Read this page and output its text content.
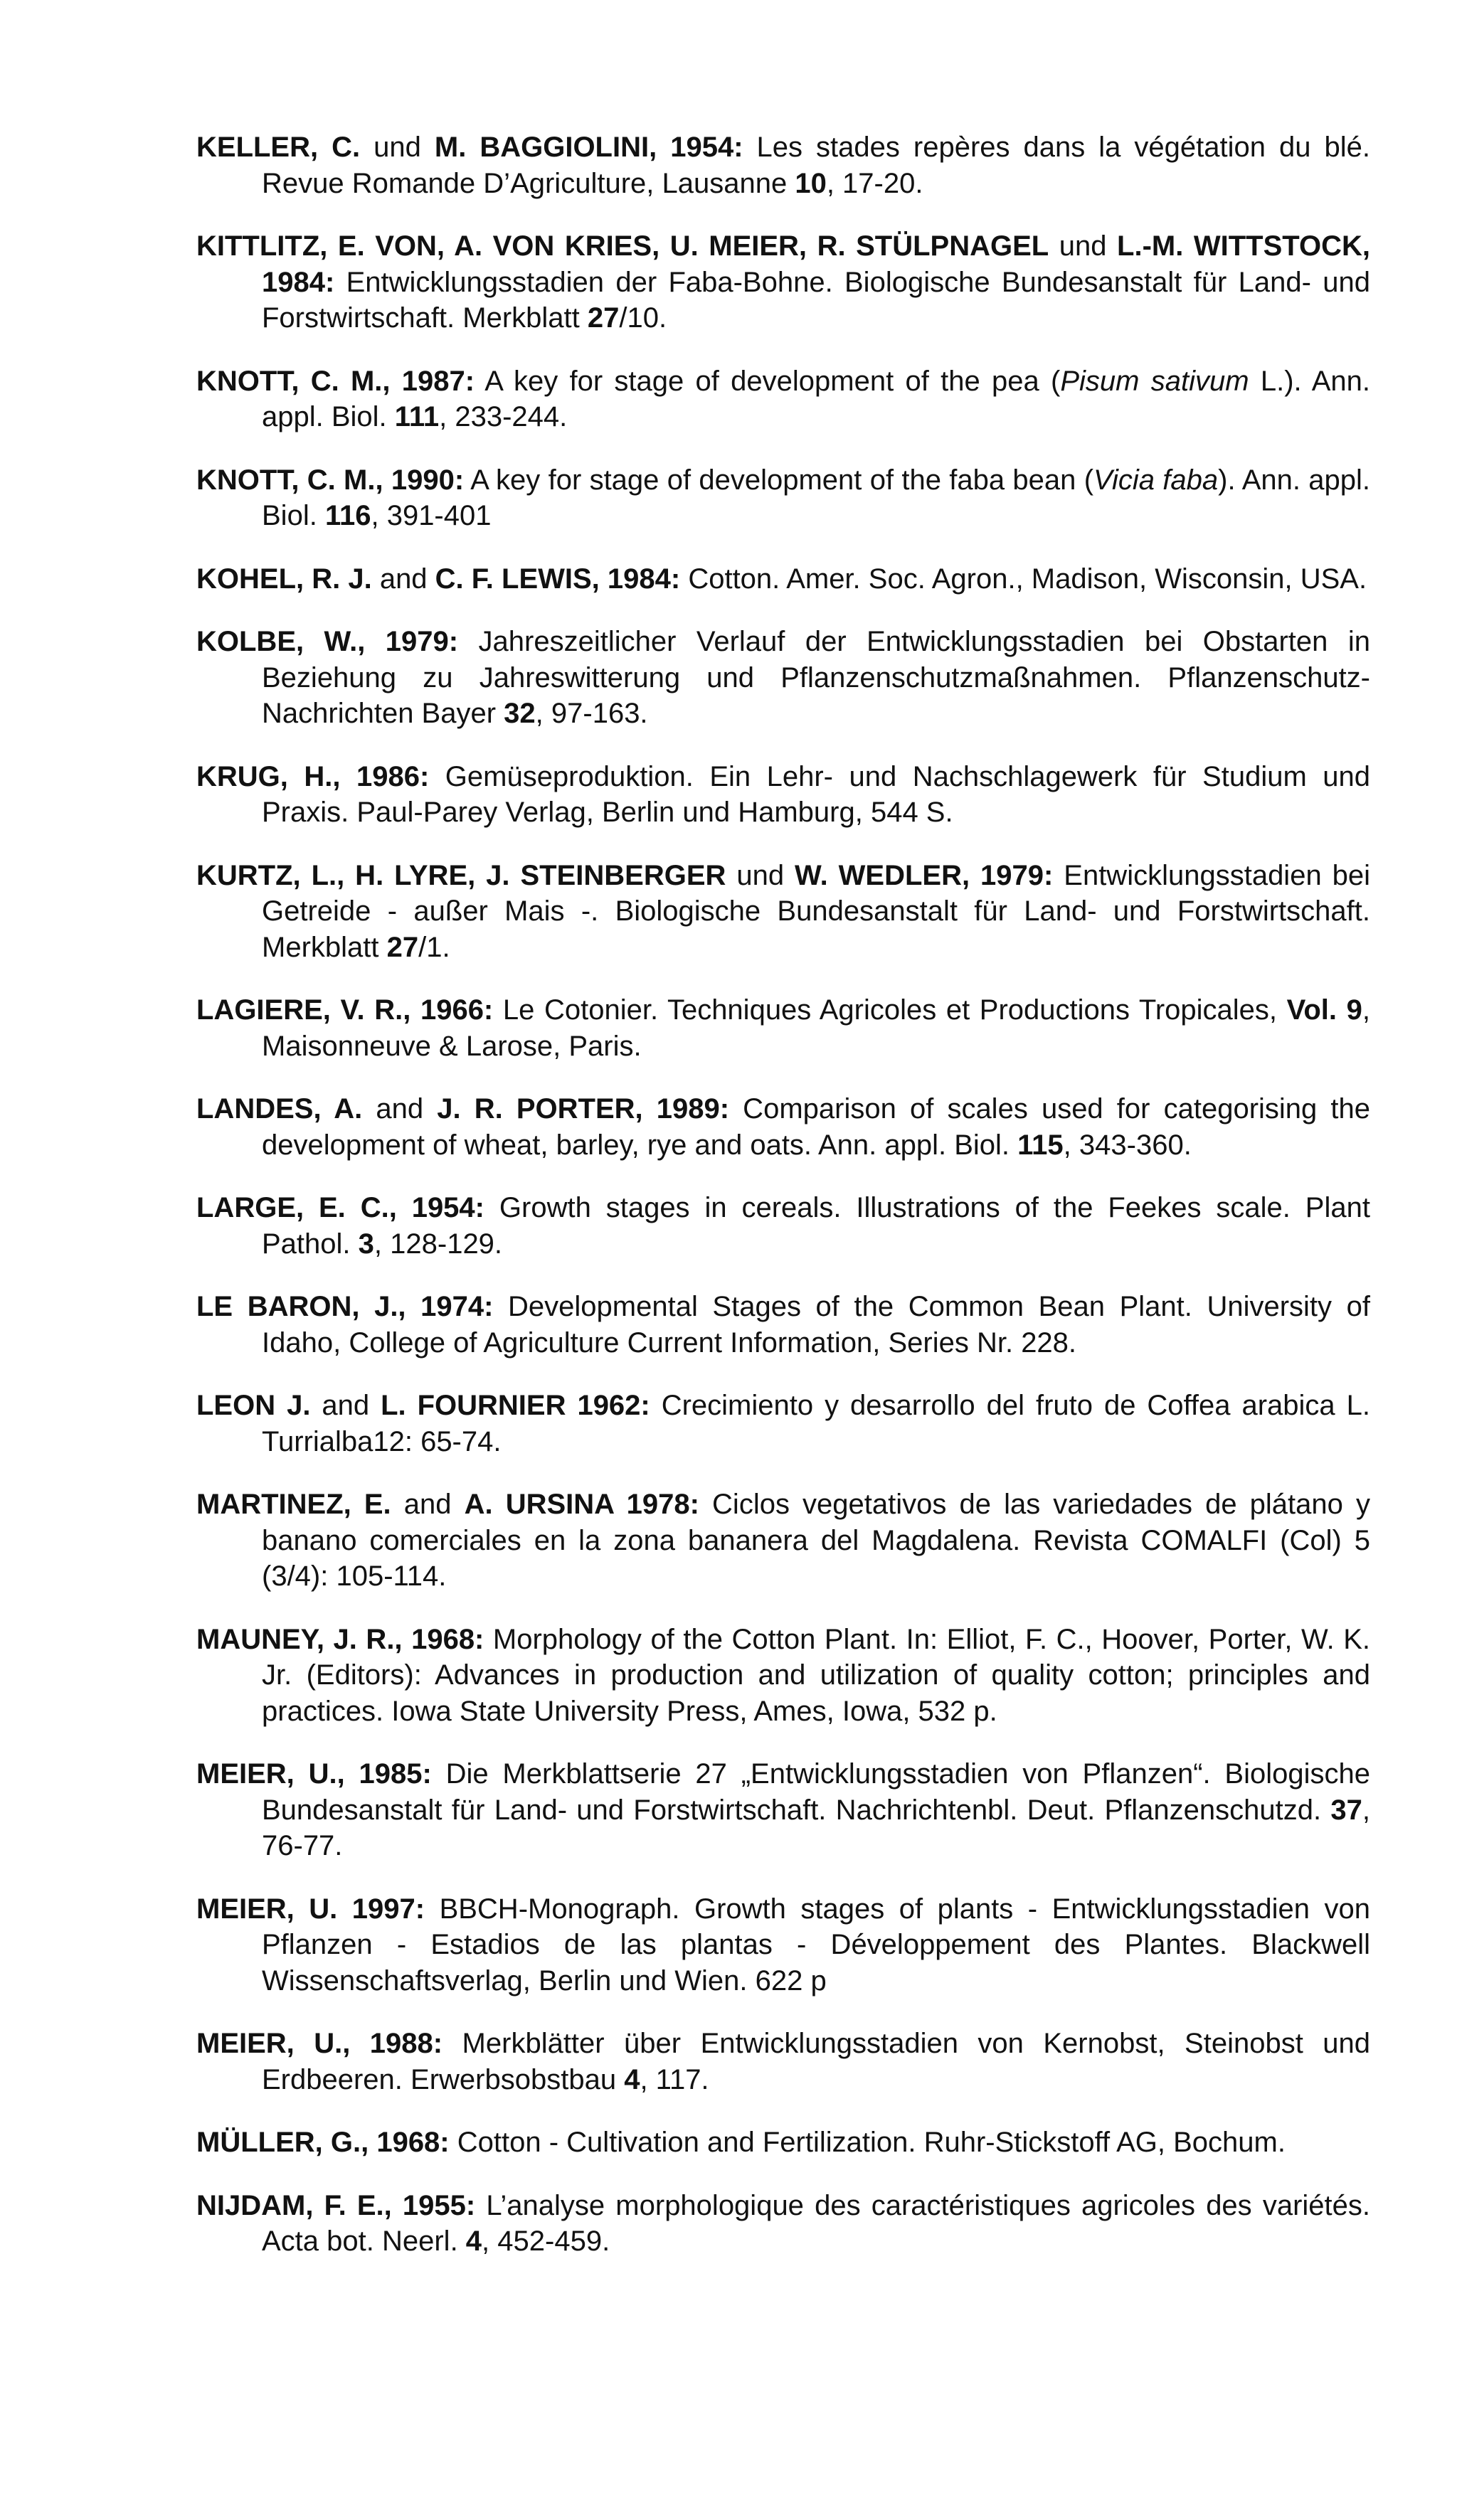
KELLER, C. und M. BAGGIOLINI, 1954: Les stades repères dans la végétation du blé. Revue Romande D’Agriculture, Lausanne 10, 17-20.

KITTLITZ, E. VON, A. VON KRIES, U. MEIER, R. STÜLPNAGEL und L.-M. WITTSTOCK, 1984: Entwicklungsstadien der Faba-Bohne. Biologische Bundesanstalt für Land- und Forstwirtschaft. Merkblatt 27/10.

KNOTT, C. M., 1987: A key for stage of development of the pea (Pisum sativum L.). Ann. appl. Biol. 111, 233-244.

KNOTT, C. M., 1990: A key for stage of development of the faba bean (Vicia faba). Ann. appl. Biol. 116, 391-401

KOHEL, R. J. and C. F. LEWIS, 1984: Cotton. Amer. Soc. Agron., Madison, Wisconsin, USA.

KOLBE, W., 1979: Jahreszeitlicher Verlauf der Entwicklungsstadien bei Obstarten in Beziehung zu Jahreswitterung und Pflanzenschutzmaßnahmen. Pflanzenschutz-Nachrichten Bayer 32, 97-163.

KRUG, H., 1986: Gemüseproduktion. Ein Lehr- und Nachschlagewerk für Studium und Praxis. Paul-Parey Verlag, Berlin und Hamburg, 544 S.

KURTZ, L., H. LYRE, J. STEINBERGER und W. WEDLER, 1979: Entwicklungsstadien bei Getreide - außer Mais -. Biologische Bundesanstalt für Land- und Forstwirtschaft. Merkblatt 27/1.

LAGIERE, V. R., 1966: Le Cotonier. Techniques Agricoles et Productions Tropicales, Vol. 9, Maisonneuve & Larose, Paris.

LANDES, A. and J. R. PORTER, 1989: Comparison of scales used for categorising the development of wheat, barley, rye and oats. Ann. appl. Biol. 115, 343-360.

LARGE, E. C., 1954: Growth stages in cereals. Illustrations of the Feekes scale. Plant Pathol. 3, 128-129.

LE BARON, J., 1974: Developmental Stages of the Common Bean Plant. University of Idaho, College of Agriculture Current Information, Series Nr. 228.

LEON J. and L. FOURNIER 1962: Crecimiento y desarrollo del fruto de Coffea arabica L. Turrialba12: 65-74.

MARTINEZ, E. and A. URSINA 1978: Ciclos vegetativos de las variedades de plátano y banano comerciales en la zona bananera del Magdalena. Revista COMALFI (Col) 5 (3/4): 105-114.

MAUNEY, J. R., 1968: Morphology of the Cotton Plant. In: Elliot, F. C., Hoover, Porter, W. K. Jr. (Editors): Advances in production and utilization of quality cotton; principles and practices. Iowa State University Press, Ames, Iowa, 532 p.

MEIER, U., 1985: Die Merkblattserie 27 „Entwicklungsstadien von Pflanzen“. Biologische Bundesanstalt für Land- und Forstwirtschaft. Nachrichtenbl. Deut. Pflanzenschutzd. 37, 76-77.

MEIER, U. 1997: BBCH-Monograph. Growth stages of plants - Entwicklungsstadien von Pflanzen - Estadios de las plantas - Développement des Plantes. Blackwell Wissenschaftsverlag, Berlin und Wien. 622 p

MEIER, U., 1988: Merkblätter über Entwicklungsstadien von Kernobst, Steinobst und Erdbeeren. Erwerbsobstbau 4, 117.

MÜLLER, G., 1968: Cotton - Cultivation and Fertilization. Ruhr-Stickstoff AG, Bochum.

NIJDAM, F. E., 1955: L’analyse morphologique des caractéristiques agricoles des variétés. Acta bot. Neerl. 4, 452-459.
